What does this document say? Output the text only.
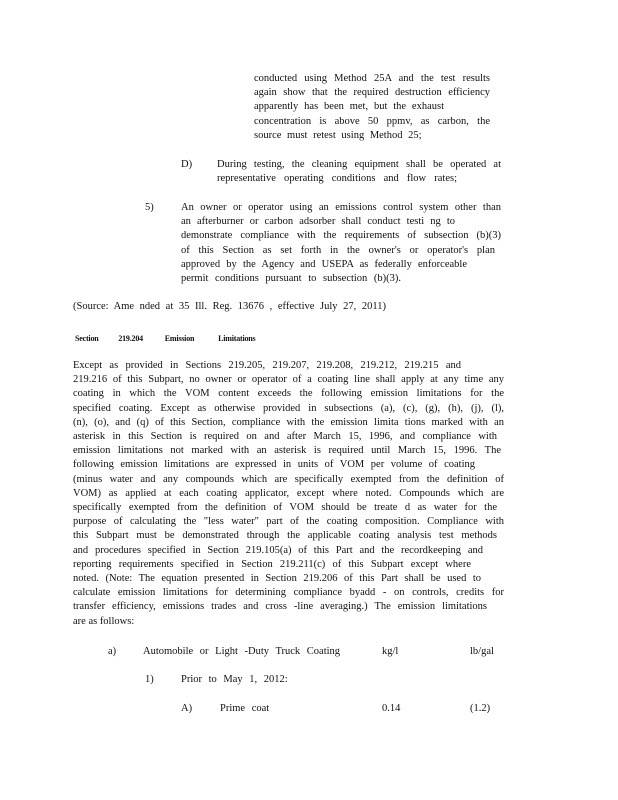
conducted using Method 25A and the test results
again show that the required destruction efficiency
apparently has been met, but the exhaust
concentration is above 50 ppmv, as carbon, the
source must retest using Method 25;
D) During testing, the cleaning equipment shall be operated at
representative operating conditions and flow rates;
5)	An owner or operator using an emissions control system other than
an afterburner or carbon adsorber shall conduct testi ng to
demonstrate compliance with the requirements of subsection (b)(3)
of this Section as set forth in the owner's or operator's plan
approved by the Agency and USEPA as federally enforceable
permit conditions pursuant to subsection (b)(3).
(Source: Ame nded at 35 Ill. Reg. 13676 , effective July 27, 2011)
Section 219.204	Emission	Limitations
Except as provided in Sections 219.205, 219.207, 219.208, 219.212, 219.215 and
219.216 of this Subpart, no owner or operator of a coating line shall apply at any time any
coating in which the VOM content exceeds the following emission limitations for the
specified coating. Except as otherwise provided in subsections (a), (c), (g), (h), (j), (l),
(n), (o), and (q) of this Section, compliance with the emission limita tions marked with an
asterisk in this Section is required on and after March 15, 1996, and compliance with
emission limitations not marked with an asterisk is required until March 15, 1996. The
following emission limitations are expressed in units of VOM per volume of coating
(minus water and any compounds which are specifically exempted from the definition of
VOM) as applied at each coating applicator, except where noted. Compounds which are
specifically exempted from the definition of VOM should be treate d as water for the
purpose of calculating the "less water" part of the coating composition. Compliance with
this Subpart must be demonstrated through the applicable coating analysis test methods
and procedures specified in Section 219.105(a) of this Part and the recordkeeping and
reporting requirements specified in Section 219.211(c) of this Subpart except where
noted. (Note: The equation presented in Section 219.206 of this Part shall be used to
calculate emission limitations for determining compliance byadd - on controls, credits for
transfer efficiency, emissions trades and cross -line averaging.) The emission limitations
are as follows:
a)	Automobile or Light -Duty Truck Coating	kg/l	lb/gal
1)	Prior to May 1, 2012:
A)	Prime coat	0.14	(1.2)
